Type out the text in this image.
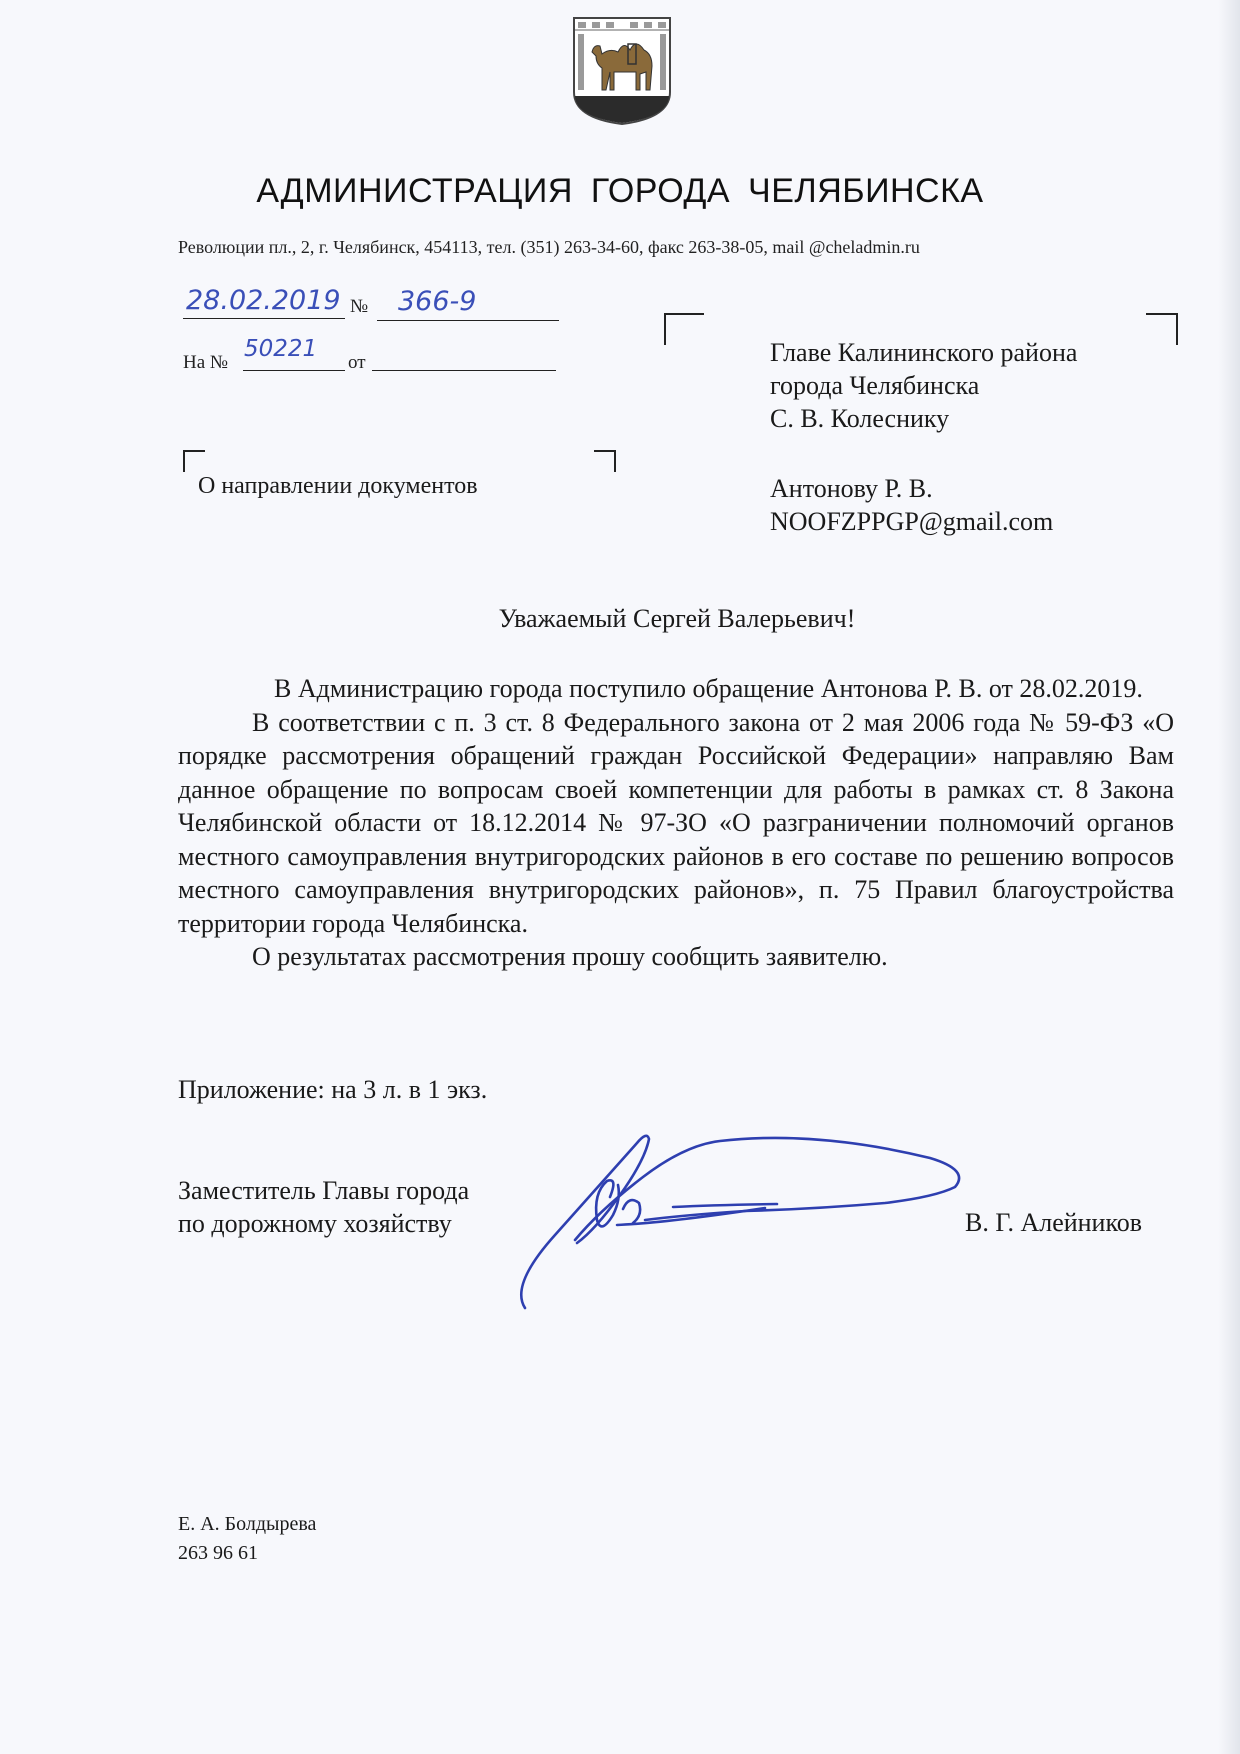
АДМИНИСТРАЦИЯ ГОРОДА ЧЕЛЯБИНСКА
Революции пл., 2, г. Челябинск, 454113, тел. (351) 263-34-60, факс 263-38-05, mail @cheladmin.ru
28.02.2019 № 366-9
На №
50221
от
О направлении документов
Главе Калининского района
города Челябинска
С. В. Колеснику
Антонову Р. В.
NOOFZPPGP@gmail.com
Уважаемый Сергей Валерьевич!

В Администрацию города поступило обращение Антонова Р. В. от 28.02.2019.

В соответствии с п. 3 ст. 8 Федерального закона от 2 мая 2006 года № 59-ФЗ «О порядке рассмотрения обращений граждан Российской Федерации» направляю Вам данное обращение по вопросам своей компетенции для работы в рамках ст. 8 Закона Челябинской области от 18.12.2014 № 97-ЗО «О разграничении полномочий органов местного самоуправления внутригородских районов в его составе по решению вопросов местного самоуправления внутригородских районов», п. 75 Правил благоустройства территории города Челябинска.

О результатах рассмотрения прошу сообщить заявителю.

Приложение: на 3 л. в 1 экз.
Заместитель Главы города
по дорожному хозяйству	В. Г. Алейников
Е. А. Болдырева
263 96 61
